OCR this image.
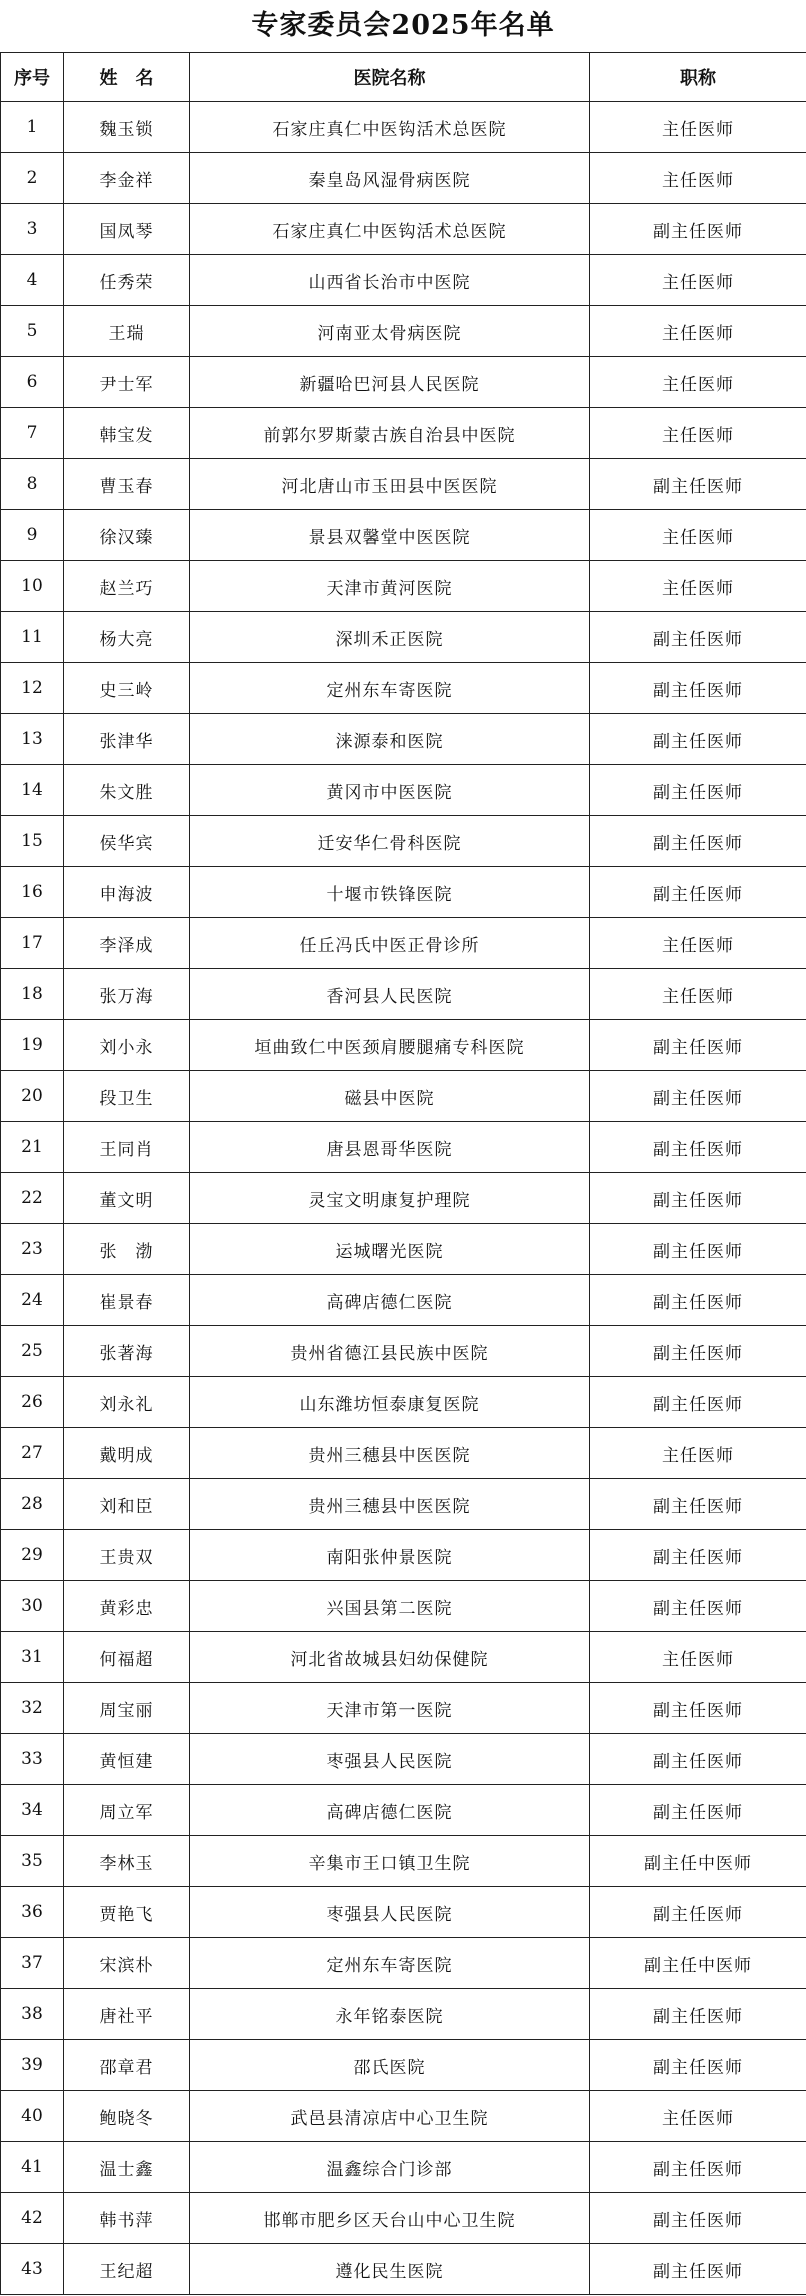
专家委员会2025年名单
序号	姓　名	医院名称	职称
1	魏玉锁	石家庄真仁中医钩活术总医院	主任医师
2	李金祥	秦皇岛风湿骨病医院	主任医师
3	国凤琴	石家庄真仁中医钩活术总医院	副主任医师
4	任秀荣	山西省长治市中医院	主任医师
5	王瑞	河南亚太骨病医院	主任医师
6	尹士军	新疆哈巴河县人民医院	主任医师
7	韩宝发	前郭尔罗斯蒙古族自治县中医院	主任医师
8	曹玉春	河北唐山市玉田县中医医院	副主任医师
9	徐汉臻	景县双馨堂中医医院	主任医师
10	赵兰巧	天津市黄河医院	主任医师
11	杨大亮	深圳禾正医院	副主任医师
12	史三岭	定州东车寄医院	副主任医师
13	张津华	涞源泰和医院	副主任医师
14	朱文胜	黄冈市中医医院	副主任医师
15	侯华宾	迁安华仁骨科医院	副主任医师
16	申海波	十堰市铁锋医院	副主任医师
17	李泽成	任丘冯氏中医正骨诊所	主任医师
18	张万海	香河县人民医院	主任医师
19	刘小永	垣曲致仁中医颈肩腰腿痛专科医院	副主任医师
20	段卫生	磁县中医院	副主任医师
21	王同肖	唐县恩哥华医院	副主任医师
22	董文明	灵宝文明康复护理院	副主任医师
23	张　渤	运城曙光医院	副主任医师
24	崔景春	高碑店德仁医院	副主任医师
25	张著海	贵州省德江县民族中医院	副主任医师
26	刘永礼	山东潍坊恒泰康复医院	副主任医师
27	戴明成	贵州三穗县中医医院	主任医师
28	刘和臣	贵州三穗县中医医院	副主任医师
29	王贵双	南阳张仲景医院	副主任医师
30	黄彩忠	兴国县第二医院	副主任医师
31	何福超	河北省故城县妇幼保健院	主任医师
32	周宝丽	天津市第一医院	副主任医师
33	黄恒建	枣强县人民医院	副主任医师
34	周立军	高碑店德仁医院	副主任医师
35	李林玉	辛集市王口镇卫生院	副主任中医师
36	贾艳飞	枣强县人民医院	副主任医师
37	宋滨朴	定州东车寄医院	副主任中医师
38	唐社平	永年铭泰医院	副主任医师
39	邵章君	邵氏医院	副主任医师
40	鲍晓冬	武邑县清凉店中心卫生院	主任医师
41	温士鑫	温鑫综合门诊部	副主任医师
42	韩书萍	邯郸市肥乡区天台山中心卫生院	副主任医师
43	王纪超	遵化民生医院	副主任医师
